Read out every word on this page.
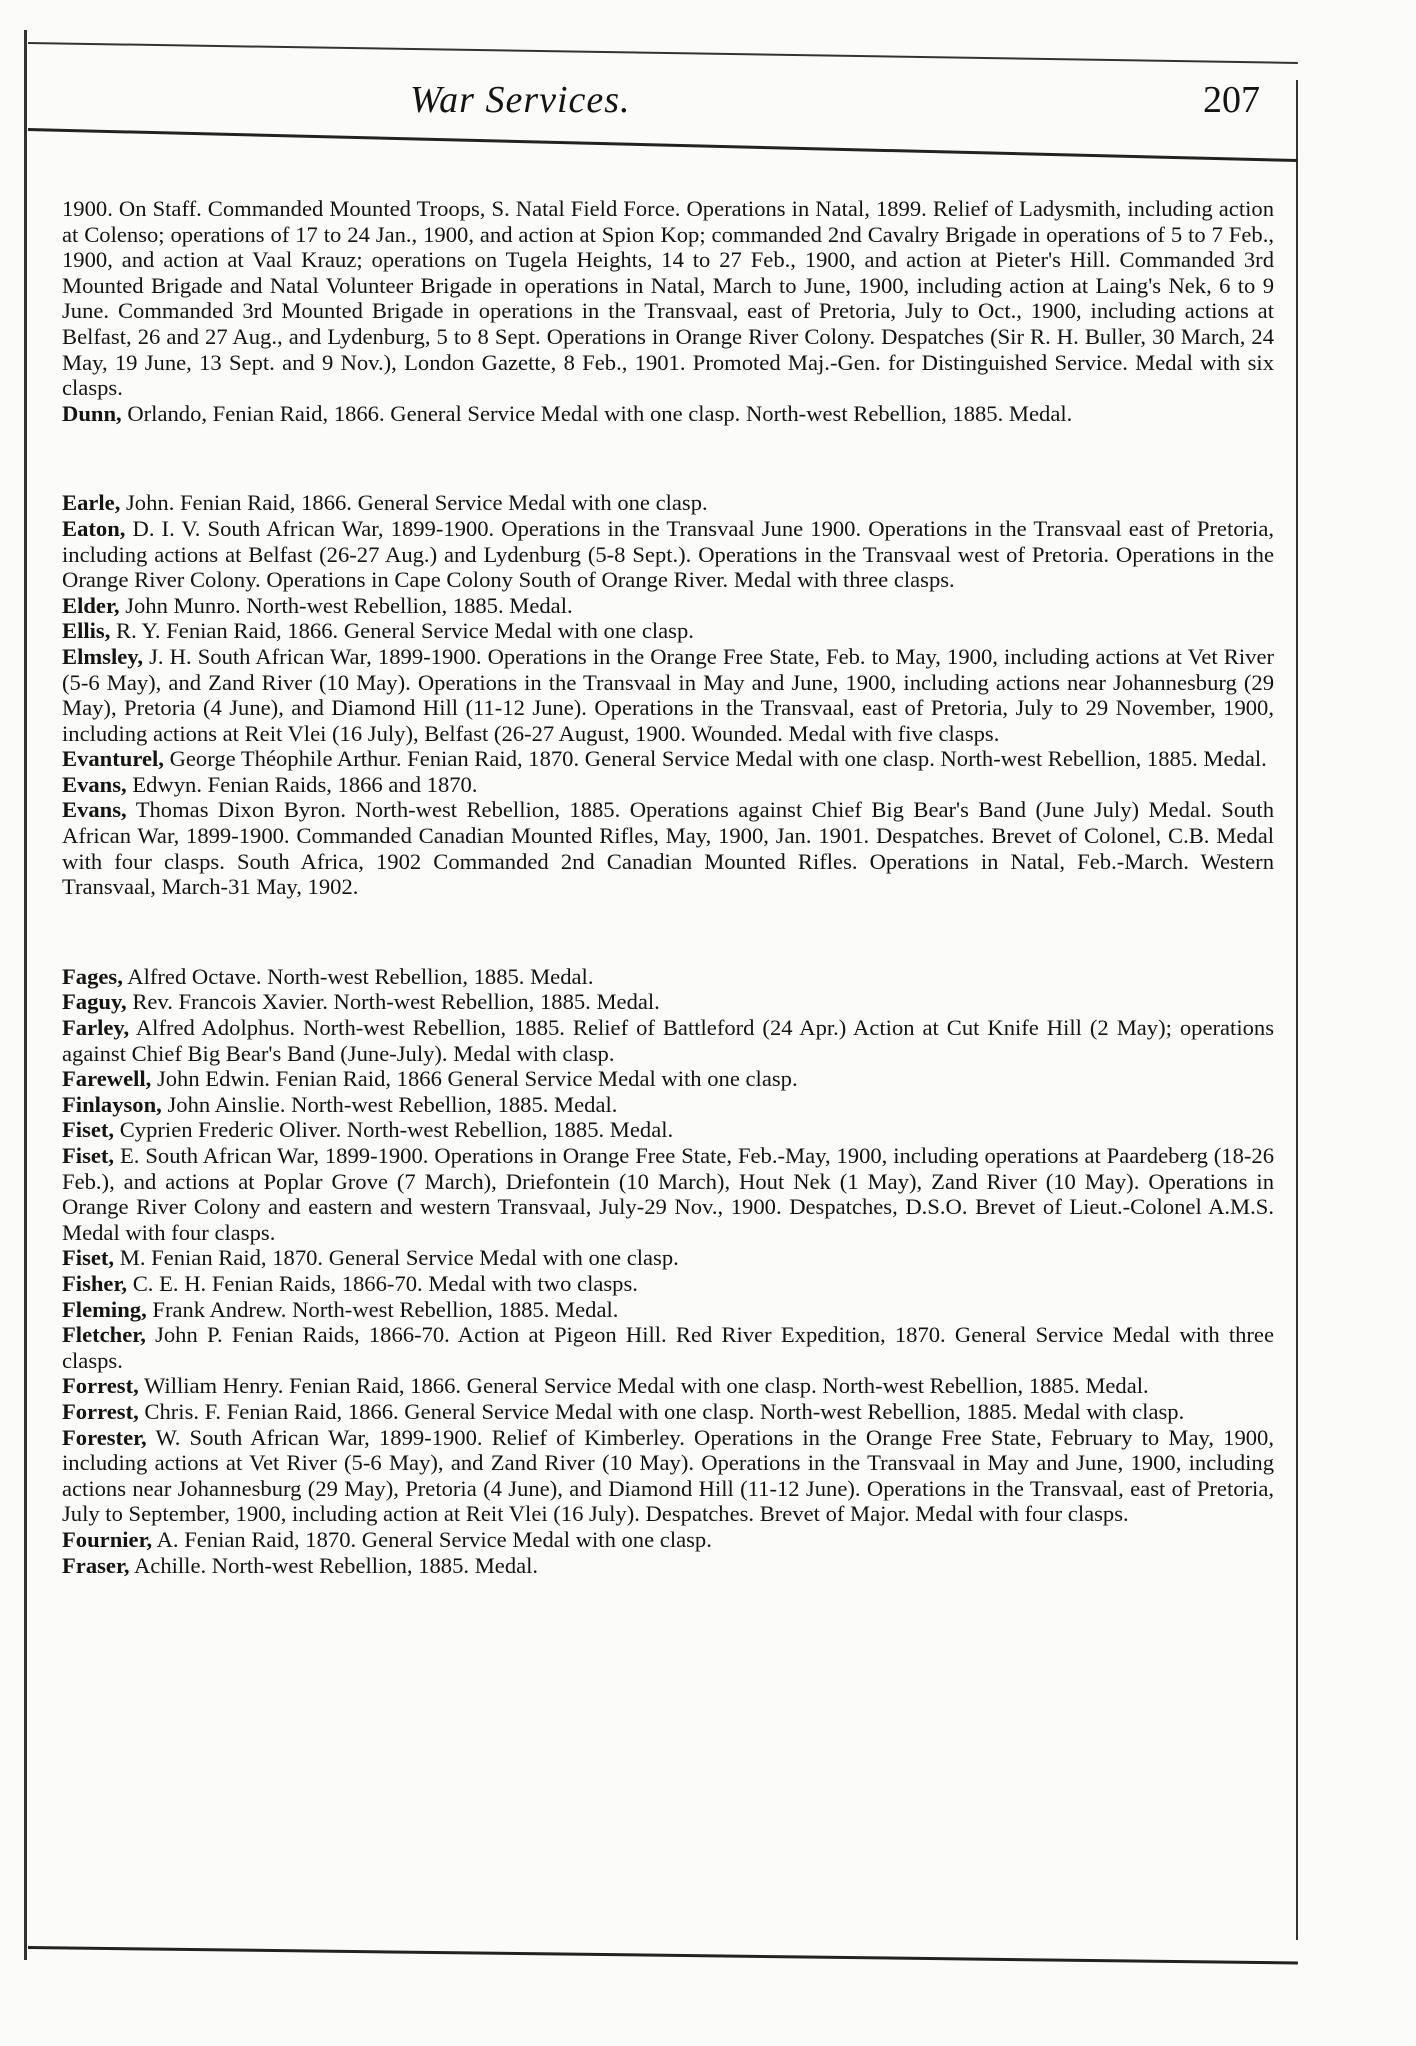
War Services.	207

1900. On Staff. Commanded Mounted Troops, S. Natal Field Force. Operations in Natal, 1899. Relief of Ladysmith, including action at Colenso; operations of 17 to 24 Jan., 1900, and action at Spion Kop; commanded 2nd Cavalry Brigade in operations of 5 to 7 Feb., 1900, and action at Vaal Krauz; operations on Tugela Heights, 14 to 27 Feb., 1900, and action at Pieter's Hill. Commanded 3rd Mounted Brigade and Natal Volunteer Brigade in operations in Natal, March to June, 1900, including action at Laing's Nek, 6 to 9 June. Commanded 3rd Mounted Brigade in operations in the Transvaal, east of Pretoria, July to Oct., 1900, including actions at Belfast, 26 and 27 Aug., and Lydenburg, 5 to 8 Sept. Operations in Orange River Colony. Despatches (Sir R. H. Buller, 30 March, 24 May, 19 June, 13 Sept. and 9 Nov.), London Gazette, 8 Feb., 1901. Promoted Maj.-Gen. for Distinguished Service. Medal with six clasps.

Dunn, Orlando, Fenian Raid, 1866. General Service Medal with one clasp. North-west Rebellion, 1885. Medal.

Earle, John. Fenian Raid, 1866. General Service Medal with one clasp.

Eaton, D. I. V. South African War, 1899-1900. Operations in the Transvaal June 1900. Operations in the Transvaal east of Pretoria, including actions at Belfast (26-27 Aug.) and Lydenburg (5-8 Sept.). Operations in the Transvaal west of Pretoria. Operations in the Orange River Colony. Operations in Cape Colony South of Orange River. Medal with three clasps.

Elder, John Munro. North-west Rebellion, 1885. Medal.

Ellis, R. Y. Fenian Raid, 1866. General Service Medal with one clasp.

Elmsley, J. H. South African War, 1899-1900. Operations in the Orange Free State, Feb. to May, 1900, including actions at Vet River (5-6 May), and Zand River (10 May). Operations in the Transvaal in May and June, 1900, including actions near Johannesburg (29 May), Pretoria (4 June), and Diamond Hill (11-12 June). Operations in the Transvaal, east of Pretoria, July to 29 November, 1900, including actions at Reit Vlei (16 July), Belfast (26-27 August, 1900. Wounded. Medal with five clasps.

Evanturel, George Théophile Arthur. Fenian Raid, 1870. General Service Medal with one clasp. North-west Rebellion, 1885. Medal.

Evans, Edwyn. Fenian Raids, 1866 and 1870.

Evans, Thomas Dixon Byron. North-west Rebellion, 1885. Operations against Chief Big Bear's Band (June July) Medal. South African War, 1899-1900. Commanded Canadian Mounted Rifles, May, 1900, Jan. 1901. Despatches. Brevet of Colonel, C.B. Medal with four clasps. South Africa, 1902 Commanded 2nd Canadian Mounted Rifles. Operations in Natal, Feb.-March. Western Transvaal, March-31 May, 1902.

Fages, Alfred Octave. North-west Rebellion, 1885. Medal.

Faguy, Rev. Francois Xavier. North-west Rebellion, 1885. Medal.

Farley, Alfred Adolphus. North-west Rebellion, 1885. Relief of Battleford (24 Apr.) Action at Cut Knife Hill (2 May); operations against Chief Big Bear's Band (June-July). Medal with clasp.

Farewell, John Edwin. Fenian Raid, 1866 General Service Medal with one clasp.

Finlayson, John Ainslie. North-west Rebellion, 1885. Medal.

Fiset, Cyprien Frederic Oliver. North-west Rebellion, 1885. Medal.

Fiset, E. South African War, 1899-1900. Operations in Orange Free State, Feb.-May, 1900, including operations at Paardeberg (18-26 Feb.), and actions at Poplar Grove (7 March), Driefontein (10 March), Hout Nek (1 May), Zand River (10 May). Operations in Orange River Colony and eastern and western Transvaal, July-29 Nov., 1900. Despatches, D.S.O. Brevet of Lieut.-Colonel A.M.S. Medal with four clasps.

Fiset, M. Fenian Raid, 1870. General Service Medal with one clasp.

Fisher, C. E. H. Fenian Raids, 1866-70. Medal with two clasps.

Fleming, Frank Andrew. North-west Rebellion, 1885. Medal.

Fletcher, John P. Fenian Raids, 1866-70. Action at Pigeon Hill. Red River Expedition, 1870. General Service Medal with three clasps.

Forrest, William Henry. Fenian Raid, 1866. General Service Medal with one clasp. North-west Rebellion, 1885. Medal.

Forrest, Chris. F. Fenian Raid, 1866. General Service Medal with one clasp. North-west Rebellion, 1885. Medal with clasp.

Forester, W. South African War, 1899-1900. Relief of Kimberley. Operations in the Orange Free State, February to May, 1900, including actions at Vet River (5-6 May), and Zand River (10 May). Operations in the Transvaal in May and June, 1900, including actions near Johannesburg (29 May), Pretoria (4 June), and Diamond Hill (11-12 June). Operations in the Transvaal, east of Pretoria, July to September, 1900, including action at Reit Vlei (16 July). Despatches. Brevet of Major. Medal with four clasps.

Fournier, A. Fenian Raid, 1870. General Service Medal with one clasp.

Fraser, Achille. North-west Rebellion, 1885. Medal.
